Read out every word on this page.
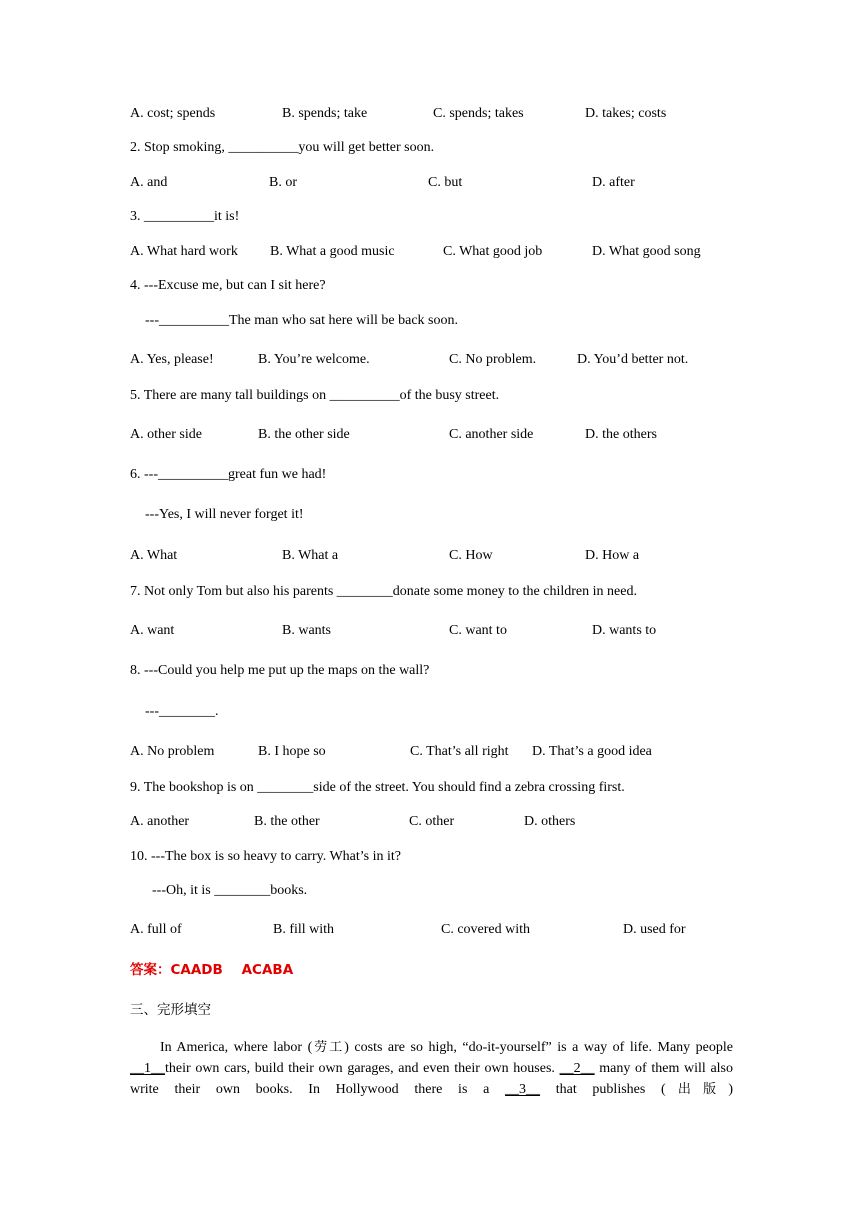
A. cost; spends	B. spends; take	C. spends; takes	D. takes; costs
2. Stop smoking, __________you will get better soon.
A. and	B. or	C. but	D. after
3. __________it is!
A. What hard work B. What a good music	C. What good job	D. What good song
4. ---Excuse me, but can I sit here?
---__________The man who sat here will be back soon.
A. Yes, please!	B. You’re welcome.	C. No problem.	D. You’d better not.
5. There are many tall buildings on __________of the busy street.
A. other side	B. the other side	C. another side	D. the others
6. ---__________great fun we had!
---Yes, I will never forget it!
A. What	B. What a	C. How	D. How a
7. Not only Tom but also his parents ________donate some money to the children in need.
A. want	B. wants	C. want to	D. wants to
8. ---Could you help me put up the maps on the wall?
---________.
A. No problem	B. I hope so	C. That’s all right D. That’s a good idea
9. The bookshop is on ________side of the street. You should find a zebra crossing first.
A. another	B. the other	C. other	D. others
10. ---The box is so heavy to carry. What’s in it?
---Oh, it is ________books.
A. full of	B. fill with	C. covered with	D. used for
答案：CAADB    ACABA
三、完形填空
In America, where labor (劳工) costs are so high, “do-it-yourself” is a way of life. Many people __1__their own cars, build their own garages, and even their own houses. __2__ many of them will also write their own books. In Hollywood there is a __3__ that publishes (出版)
